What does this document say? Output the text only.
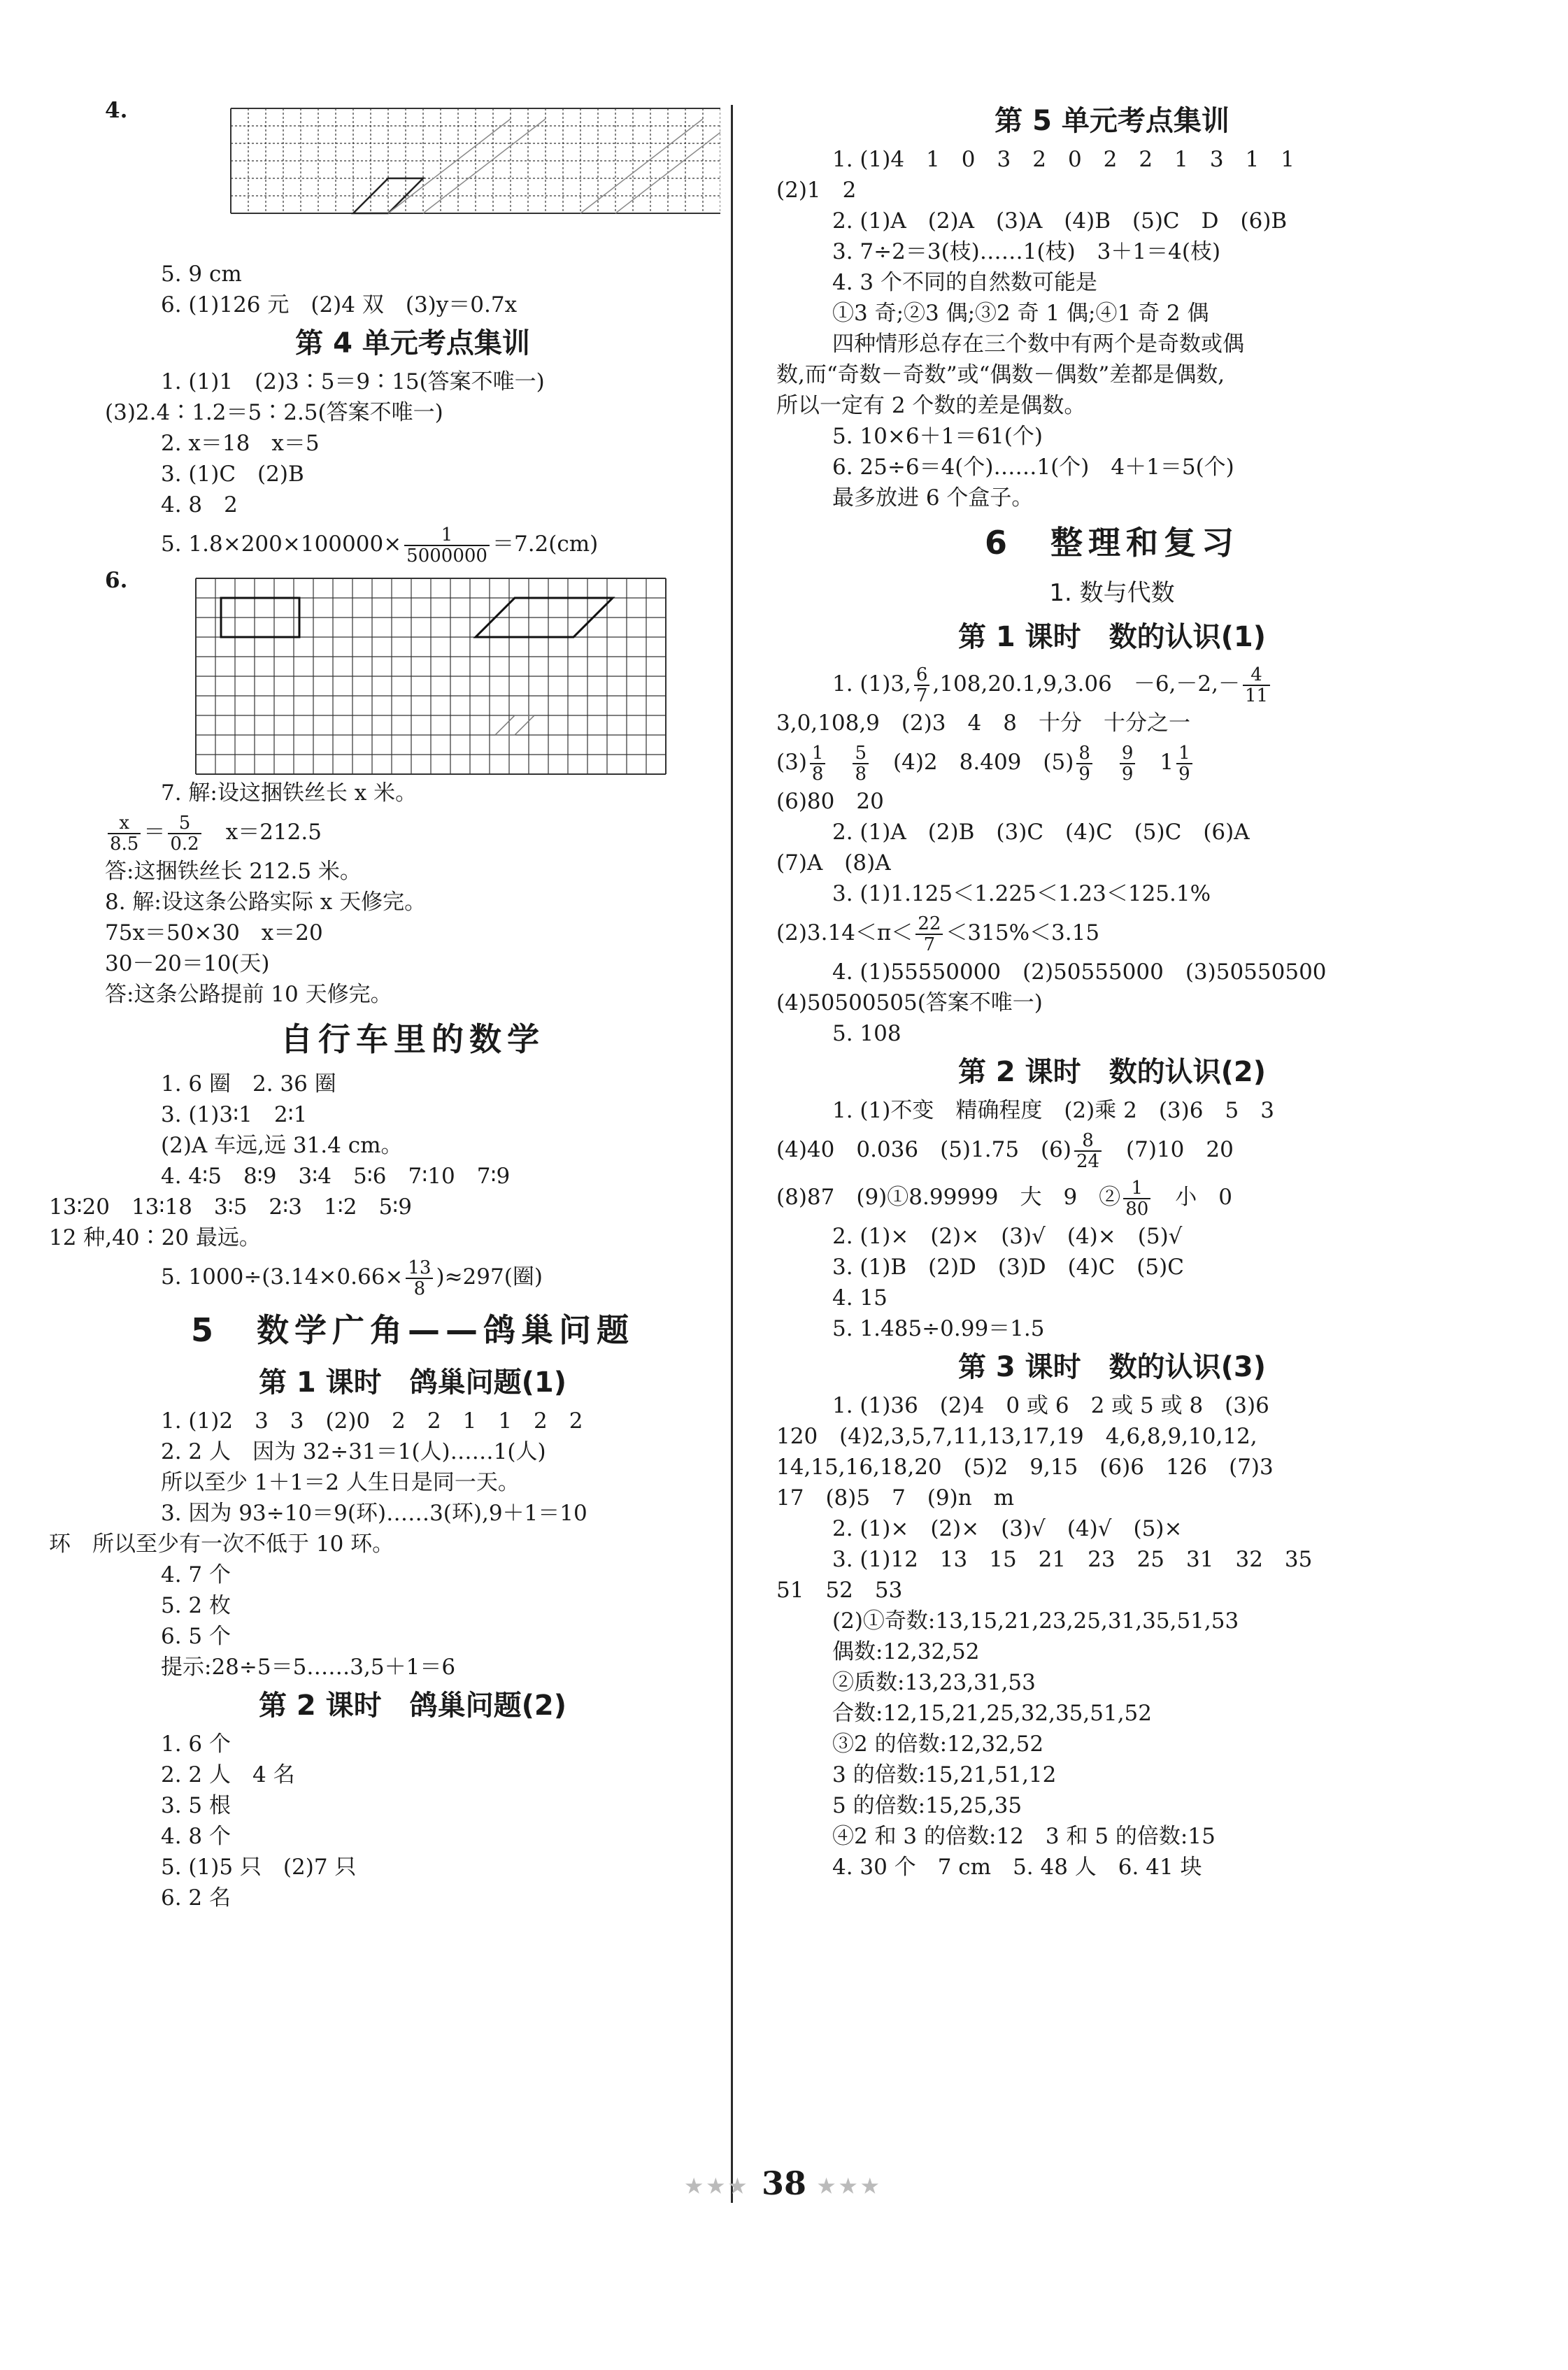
4.
5. 9 cm
6. (1)126 元　(2)4 双　(3)y＝0.7x
第 4 单元考点集训
1. (1)1　(2)3∶5＝9∶15(答案不唯一)
(3)2.4∶1.2＝5∶2.5(答案不唯一)
2. x＝18　x＝5
3. (1)C　(2)B
4. 8　2
5. $1.8\times 200\times 100000\times \frac{1}{5000000} =7.2(cm)$
6.
7. 解:设这捆铁丝长 x 米。
$\frac{x}{8.5} = \frac{5}{0.2}$
　 x＝212.5
答:这捆铁丝长 212.5 米。
8. 解:设这条公路实际 x 天修完。
75x＝50×30　x＝20
30－20＝10(天)
答:这条公路提前 10 天修完。
自行车里的数学
1. 6 圈　2. 36 圈
3. (1)3∶1　2∶1
(2)A 车远,远 31.4 cm。
4. 4∶5　8∶9　3∶4　5∶6　7∶10　7∶9
13∶20　13∶18　3∶5　2∶3　1∶2　5∶9
12 种,40∶20 最远。
5. $1000\div(3.14\times 0.66\times \frac{13}{8} )\approx 297$(圈)
5　数学广角——鸽巢问题
第 1 课时　鸽巢问题(1)
1. (1)2　3　3　(2)0　2　2　1　1　2　2
2. 2 人　因为 32÷31＝1(人)……1(人)
所以至少 1＋1＝2 人生日是同一天。
3. 因为 93÷10＝9(环)……3(环),9＋1＝10
环　所以至少有一次不低于 10 环。
4. 7 个
5. 2 枚
6. 5 个
提示:28÷5＝5……3,5＋1＝6
第 2 课时　鸽巢问题(2)
1. 6 个
2. 2 人　4 名
3. 5 根
4. 8 个
5. (1)5 只　(2)7 只
6. 2 名
第 5 单元考点集训
1. (1)4　1　0　3　2　0　2　2　1　3　1　1
(2)1　2
2. (1)A　(2)A　(3)A　(4)B　(5)C　D　(6)B
3. 7÷2＝3(枝)……1(枝)　3＋1＝4(枝)
4. 3 个不同的自然数可能是
①3 奇;②3 偶;③2 奇 1 偶;④1 奇 2 偶
四种情形总存在三个数中有两个是奇数或偶
数,而“奇数－奇数”或“偶数－偶数”差都是偶数,
所以一定有 2 个数的差是偶数。
5. 10×6＋1＝61(个)
6. 25÷6＝4(个)……1(个)　4＋1＝5(个)
最多放进 6 个盒子。
6　整理和复习
1. 数与代数
第 1 课时　数的认识(1)
1. (1)3, $\frac{6}{7} ,108,20.1,9,3.06$　$-6,-2,- \frac{4}{11}$
3,0,108,9　(2)3　4　8　十分　十分之一
$(3) \frac{1}{8}$
　 $\frac{5}{8}$
　 (4)2　8.409　$(5) \frac{8}{9}$
　 $\frac{9}{9}$
　 $1 \frac{1}{9}$
(6)80　20
2. (1)A　(2)B　(3)C　(4)C　(5)C　(6)A
(7)A　(8)A
3. (1)1.125＜1.225＜1.23＜125.1%
$(2)3.14<\pi< \frac{22}{7} <315\%<3.15$
4. (1)55550000　(2)50555000　(3)50550500
(4)50500505(答案不唯一)
5. 108
第 2 课时　数的认识(2)
1. (1)不变　精确程度　(2)乘 2　(3)6　5　3
(4)40　0.036　(5)1.75　$(6) \frac{8}{24}$
　 (7)10　20
(8)87　(9)①8.99999　大　9　② $\frac{1}{80}$
　 小　0
2. (1)×　(2)×　(3)√　(4)×　(5)√
3. (1)B　(2)D　(3)D　(4)C　(5)C
4. 15
5. 1.485÷0.99＝1.5
第 3 课时　数的认识(3)
1. (1)36　(2)4　0 或 6　2 或 5 或 8　(3)6
120　(4)2,3,5,7,11,13,17,19　4,6,8,9,10,12,
14,15,16,18,20　(5)2　9,15　(6)6　126　(7)3
17　(8)5　7　(9)n　m
2. (1)×　(2)×　(3)√　(4)√　(5)×
3. (1)12　13　15　21　23　25　31　32　35
51　52　53
(2)①奇数:13,15,21,23,25,31,35,51,53
偶数:12,32,52
②质数:13,23,31,53
合数:12,15,21,25,32,35,51,52
③2 的倍数:12,32,52
3 的倍数:15,21,51,12
5 的倍数:15,25,35
④2 和 3 的倍数:12　3 和 5 的倍数:15
4. 30 个　7 cm　5. 48 人　6. 41 块
★★★ 38 ★★★
